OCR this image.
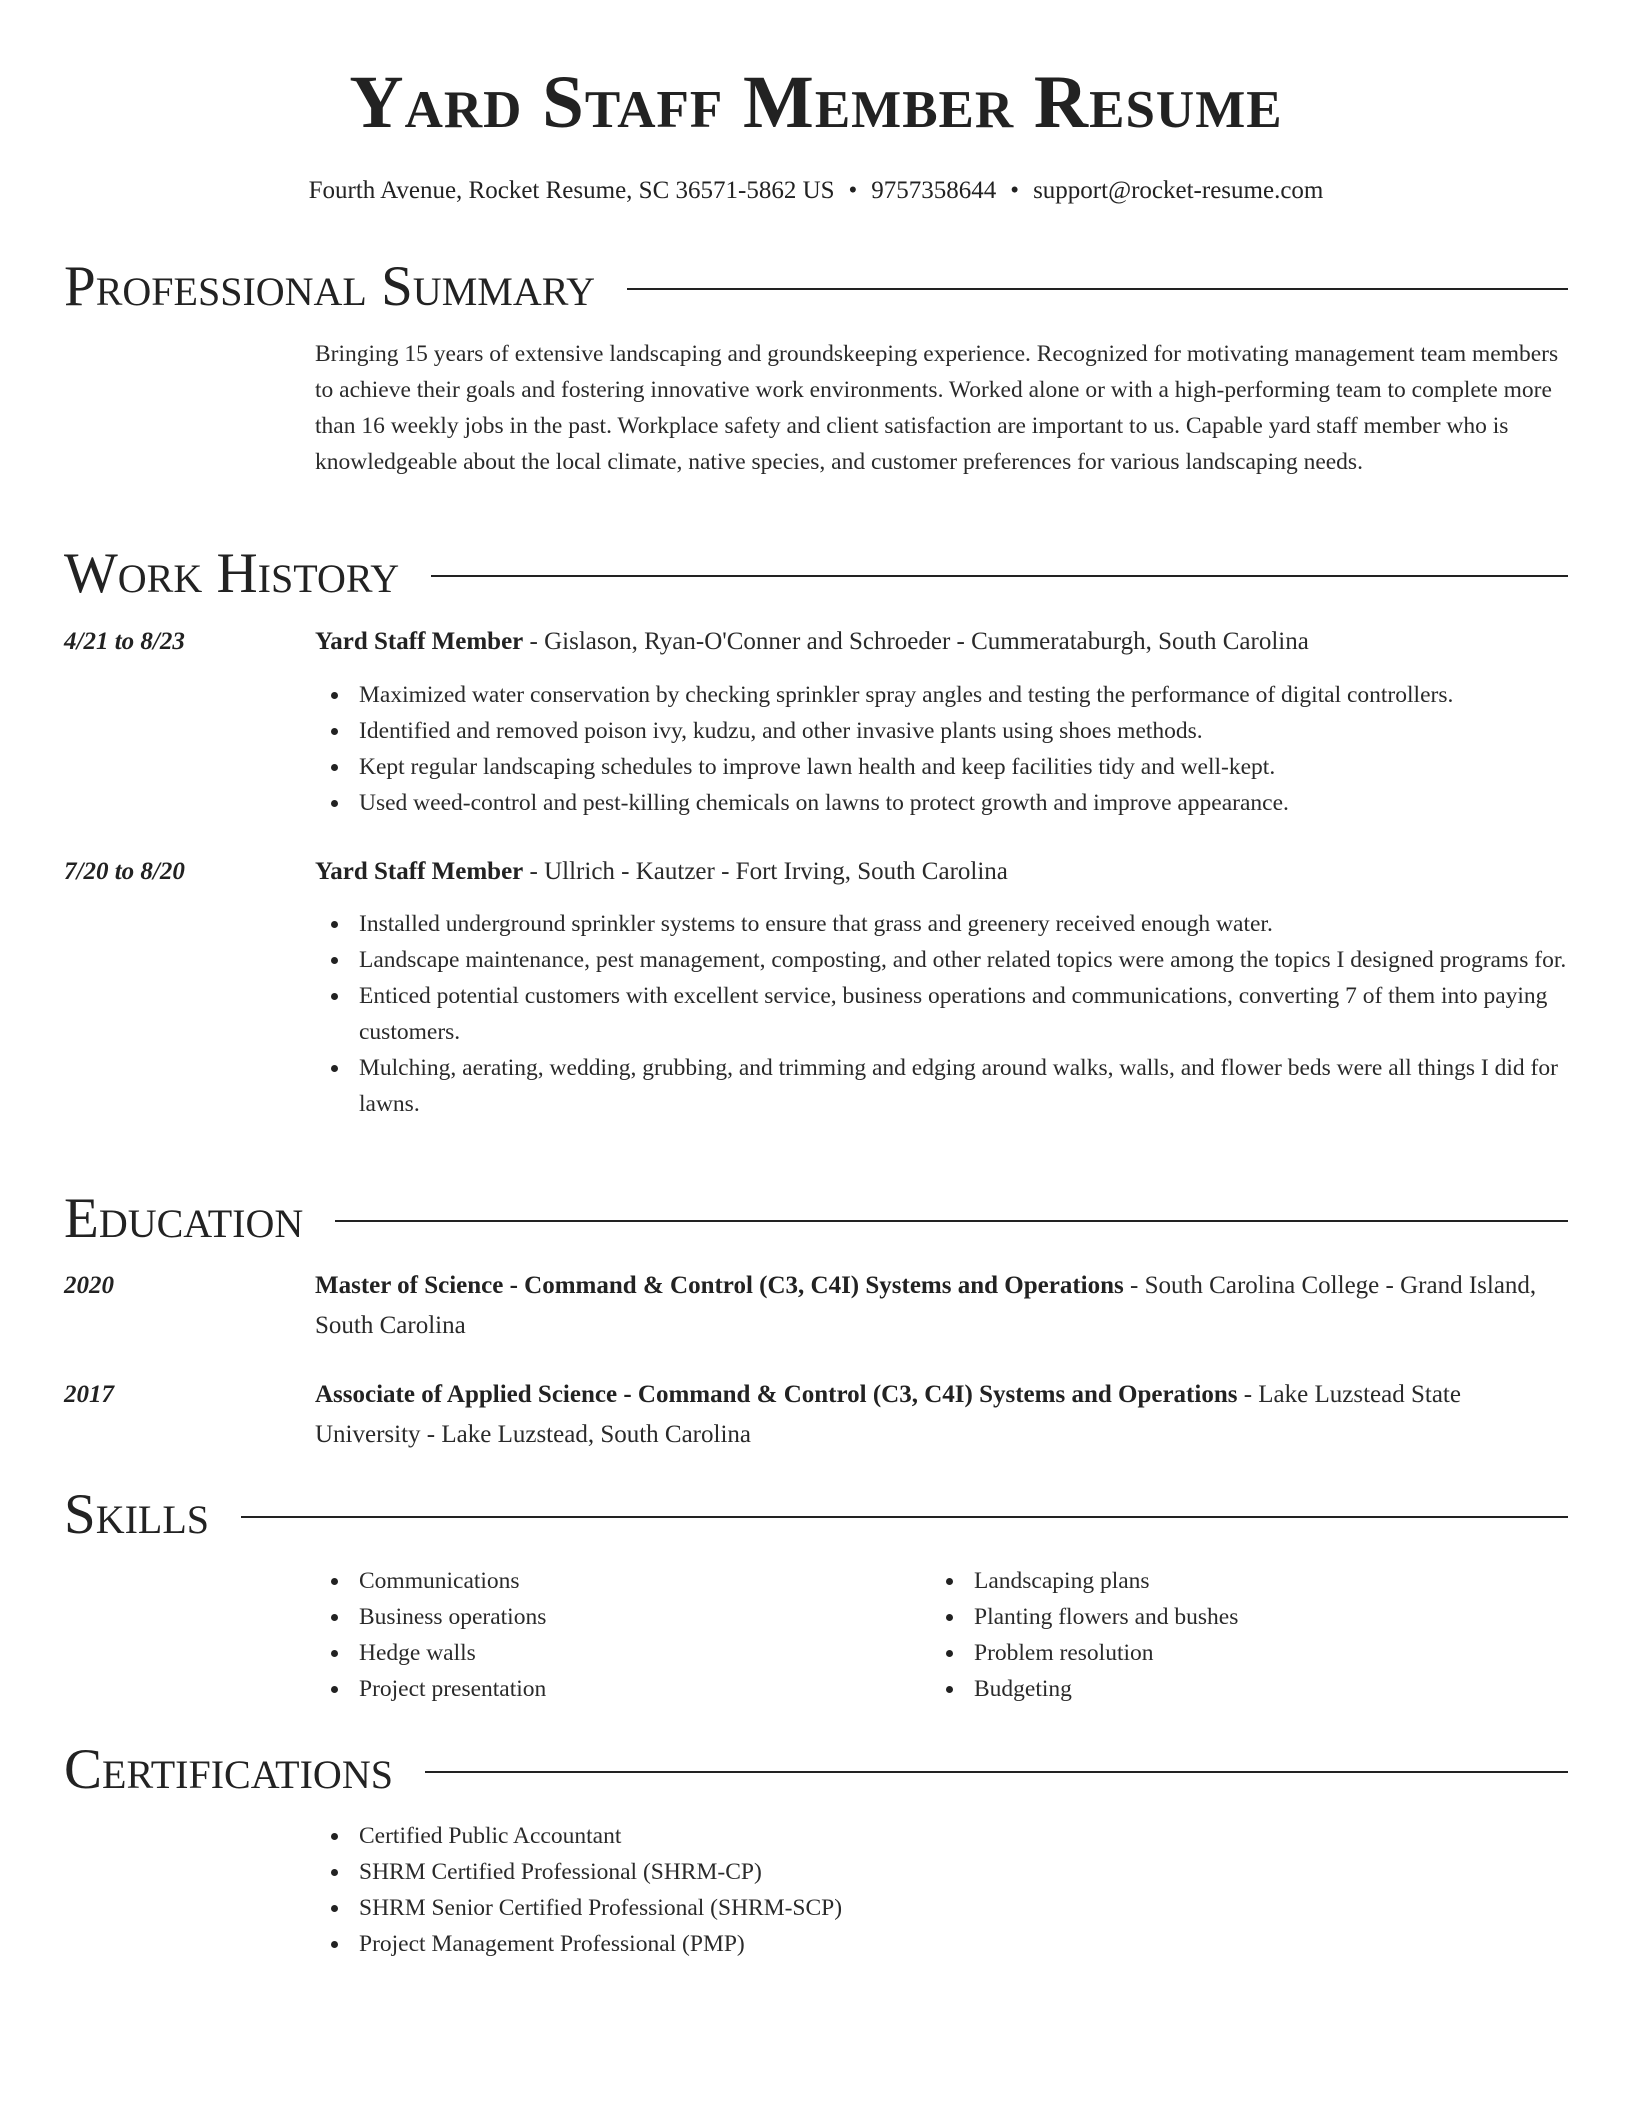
Yard Staff Member Resume
Fourth Avenue, Rocket Resume, SC 36571-5862 US • 9757358644 • support@rocket-resume.com
Professional Summary

Bringing 15 years of extensive landscaping and groundskeeping experience. Recognized for motivating management team members to achieve their goals and fostering innovative work environments. Worked alone or with a high-performing team to complete more than 16 weekly jobs in the past. Workplace safety and client satisfaction are important to us. Capable yard staff member who is knowledgeable about the local climate, native species, and customer preferences for various landscaping needs.

Work History
4/21 to 8/23	Yard Staff Member - Gislason, Ryan-O'Conner and Schroeder - Cummerataburgh, South Carolina
Maximized water conservation by checking sprinkler spray angles and testing the performance of digital controllers.
Identified and removed poison ivy, kudzu, and other invasive plants using shoes methods.
Kept regular landscaping schedules to improve lawn health and keep facilities tidy and well-kept.
Used weed-control and pest-killing chemicals on lawns to protect growth and improve appearance.
7/20 to 8/20	Yard Staff Member - Ullrich - Kautzer - Fort Irving, South Carolina
Installed underground sprinkler systems to ensure that grass and greenery received enough water.
Landscape maintenance, pest management, composting, and other related topics were among the topics I designed programs for.
Enticed potential customers with excellent service, business operations and communications, converting 7 of them into paying customers.
Mulching, aerating, wedding, grubbing, and trimming and edging around walks, walls, and flower beds were all things I did for lawns.
Education
2020	Master of Science - Command & Control (C3, C4I) Systems and Operations - South Carolina College - Grand Island, South Carolina
2017	Associate of Applied Science - Command & Control (C3, C4I) Systems and Operations - Lake Luzstead State University - Lake Luzstead, South Carolina
Skills
Communications
Business operations
Hedge walls
Project presentation
Landscaping plans
Planting flowers and bushes
Problem resolution
Budgeting
Certifications
Certified Public Accountant
SHRM Certified Professional (SHRM-CP)
SHRM Senior Certified Professional (SHRM-SCP)
Project Management Professional (PMP)
